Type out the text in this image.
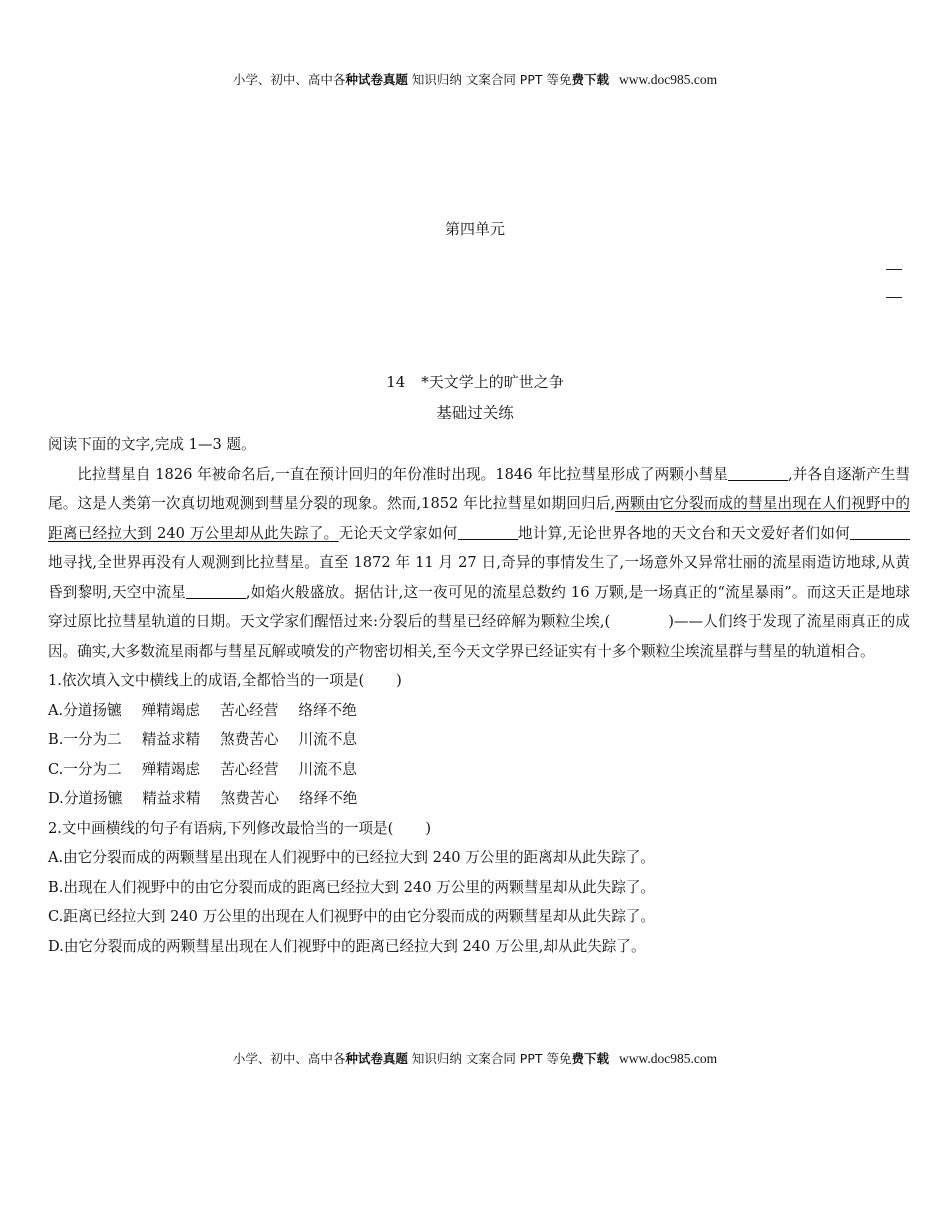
小学、初中、高中各种试卷真题 知识归纳 文案合同 PPT 等免费下载 www.doc985.com
第四单元
14 *天文学上的旷世之争
基础过关练

阅读下面的文字,完成 1—3 题。

比拉彗星自 1826 年被命名后,一直在预计回归的年份准时出现。1846 年比拉彗星形成了两颗小彗星	,并各自逐渐产生彗尾。这是人类第一次真切地观测到彗星分裂的现象。然而,1852 年比拉彗星如期回归后,两颗由它分裂而成的彗星出现在人们视野中的距离已经拉大到 240 万公里却从此失踪了。无论天文学家如何	地计算,无论世界各地的天文台和天文爱好者们如何地寻找,全世界再没有人观测到比拉彗星。直至 1872 年 11 月 27 日,奇异的事情发生了,一场意外又异常壮丽的流星雨造访地球,从黄昏到黎明,天空中流星	,如焰火般盛放。据估计,这一夜可见的流星总数约 16 万颗,是一场真正的“流星暴雨”。而这天正是地球穿过原比拉彗星轨道的日期。天文学家们醒悟过来:分裂后的彗星已经碎解为颗粒尘埃,(	)——人们终于发现了流星雨真正的成因。确实,大多数流星雨都与彗星瓦解或喷发的产物密切相关,至今天文学界已经证实有十多个颗粒尘埃流星群与彗星的轨道相合。

1.依次填入文中横线上的成语,全都恰当的一项是( )

A.分道扬镳 殚精竭虑 苦心经营 络绎不绝

B.一分为二 精益求精 煞费苦心 川流不息

C.一分为二 殚精竭虑 苦心经营 川流不息

D.分道扬镳 精益求精 煞费苦心 络绎不绝

2.文中画横线的句子有语病,下列修改最恰当的一项是( )

A.由它分裂而成的两颗彗星出现在人们视野中的已经拉大到 240 万公里的距离却从此失踪了。

B.出现在人们视野中的由它分裂而成的距离已经拉大到 240 万公里的两颗彗星却从此失踪了。

C.距离已经拉大到 240 万公里的出现在人们视野中的由它分裂而成的两颗彗星却从此失踪了。

D.由它分裂而成的两颗彗星出现在人们视野中的距离已经拉大到 240 万公里,却从此失踪了。

小学、初中、高中各种试卷真题 知识归纳 文案合同 PPT 等免费下载 www.doc985.com
